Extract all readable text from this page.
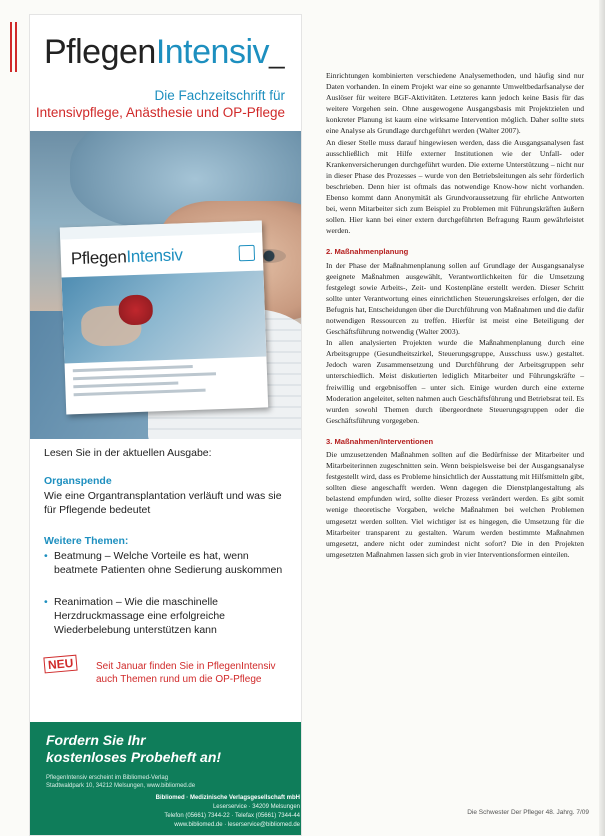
PflegenIntensiv_
Die Fachzeitschrift für
Intensivpflege, Anästhesie und OP-Pflege
PflegenIntensiv
Lesen Sie in der aktuellen Ausgabe:
Organspende
Wie eine Organtransplantation verläuft und was sie für Pflegende bedeutet
Weitere Themen:
• Beatmung – Welche Vorteile es hat, wenn beatmete Patienten ohne Sedierung auskommen
• Reanimation – Wie die maschinelle Herzdruckmassage eine erfolgreiche Wiederbelebung unterstützen kann
NEU	Seit Januar finden Sie in PflegenIntensiv auch Themen rund um die OP-Pflege
Fordern Sie Ihr
kostenloses Probeheft an!
PflegenIntensiv erscheint im Bibliomed-Verlag
Stadtwaldpark 10, 34212 Melsungen, www.bibliomed.de
Bibliomed · Medizinische Verlagsgesellschaft mbH
Leserservice · 34209 Melsungen
Telefon (05661) 7344-22 · Telefax (05661) 7344-44
www.bibliomed.de · leserservice@bibliomed.de

Einrichtungen kombinierten verschiedene Analysemethoden, und häufig sind nur Daten vorhanden. In einem Projekt war eine so genannte Umweltbedarfsanalyse der Auslöser für weitere BGF-Aktivitäten. Letzteres kann jedoch keine Basis für das weitere Vorgehen sein. Ohne ausgewogene Ausgangsbasis mit Projektzielen und konkreter Planung ist kaum eine wirksame Intervention möglich. Daher sollte stets eine Analyse als Grundlage durchgeführt werden (Walter 2007).

An dieser Stelle muss darauf hingewiesen werden, dass die Ausgangsanalysen fast ausschließlich mit Hilfe externer Institutionen wie der Unfall- oder Krankenversicherungen durchgeführt wurden. Die externe Unterstützung – nicht nur in dieser Phase des Prozesses – wurde von den Betriebsleitungen als sehr förderlich beschrieben. Denn hier ist oftmals das notwendige Know-how nicht vorhanden. Ebenso kommt dann Anonymität als Grundvoraussetzung für ehrliche Antworten bei, wenn Mitarbeiter sich zum Beispiel zu Problemen mit Führungskräften äußern sollen. Hier kann bei einer extern durchgeführten Befragung Raum gewährleistet werden.

2. Maßnahmenplanung

In der Phase der Maßnahmenplanung sollen auf Grundlage der Ausgangsanalyse geeignete Maßnahmen ausgewählt, Verantwortlichkeiten für die Umsetzung festgelegt sowie Arbeits-, Zeit- und Kostenpläne erstellt werden. Dieser Schritt sollte unter Verantwortung eines einrichtlichen Steuerungskreises erfolgen, der die Befugnis hat, Entscheidungen über die Durchführung von Maßnahmen und die dafür notwendigen Ressourcen zu treffen. Hierfür ist meist eine Beteiligung der Geschäftsführung notwendig (Walter 2003).

In allen analysierten Projekten wurde die Maßnahmenplanung durch eine Arbeitsgruppe (Gesundheitszirkel, Steuerungsgruppe, Ausschuss usw.) gestaltet. Jedoch waren Zusammensetzung und Durchführung der Arbeitsgruppen sehr unterschiedlich. Meist diskutierten lediglich Mitarbeiter und Führungskräfte – freiwillig und ergebnisoffen – unter sich. Einige wurden durch eine externe Moderation angeleitet, selten nahmen auch Geschäftsführung und Betriebsrat teil. Es wurden sowohl Themen durch übergeordnete Steuerungsgruppen oder die Geschäftsführung vorgegeben.

3. Maßnahmen/Interventionen

Die umzusetzenden Maßnahmen sollten auf die Bedürfnisse der Mitarbeiter und Mitarbeiterinnen zugeschnitten sein. Wenn beispielsweise bei der Ausgangsanalyse festgestellt wird, dass es Probleme hinsichtlich der Ausstattung mit Hilfsmitteln gibt, sollten diese angeschafft werden. Wenn dagegen die Dienstplangestaltung als belastend empfunden wird, sollte dieser Prozess verändert werden. Es gibt somit wenige theoretische Vorgaben, welche Maßnahmen bei welchen Problemen umgesetzt werden sollten. Viel wichtiger ist es hingegen, die Umsetzung für die Mitarbeiter transparent zu gestalten. Warum werden bestimmte Maßnahmen umgesetzt, andere nicht oder zumindest nicht sofort? Die in den Projekten umgesetzten Maßnahmen lassen sich grob in vier Interventionsformen einteilen.

Die Schwester Der Pfleger 48. Jahrg. 7/09
